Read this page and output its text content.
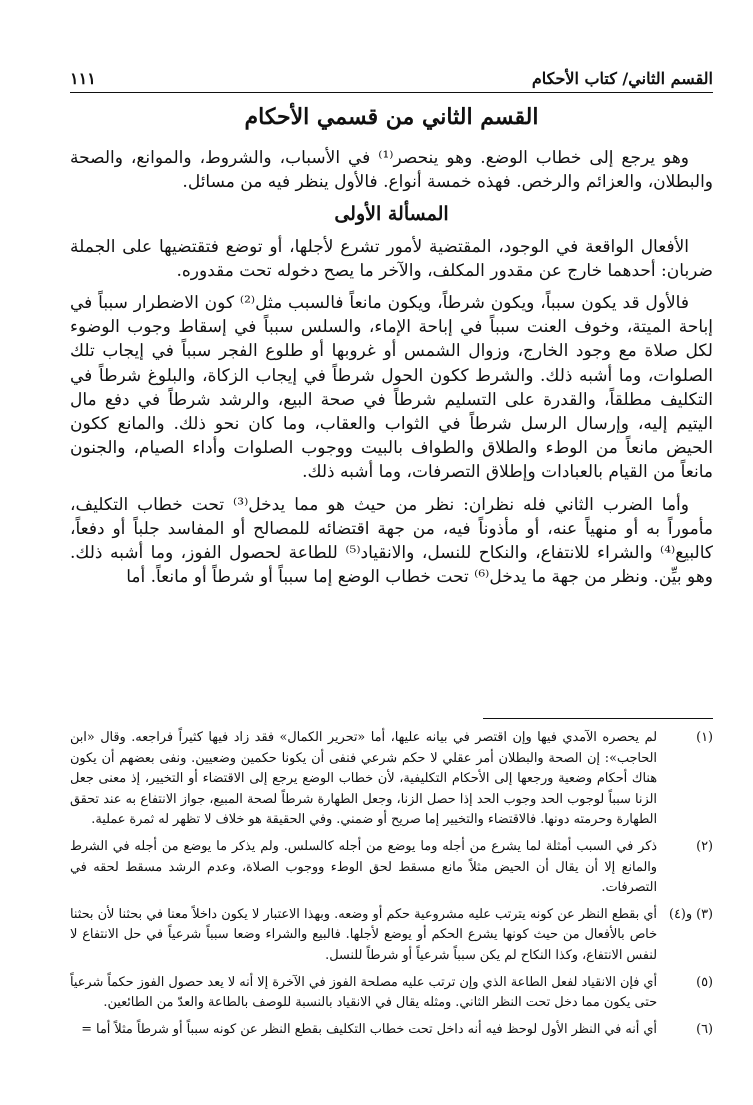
١١١	القسم الثاني/ كتاب الأحكام
القسم الثاني من قسمي الأحكام

وهو يرجع إلى خطاب الوضع. وهو ينحصر⁽¹⁾ في الأسباب، والشروط، والموانع، والصحة والبطلان، والعزائم والرخص. فهذه خمسة أنواع. فالأول ينظر فيه من مسائل.

المسألة الأولى

الأفعال الواقعة في الوجود، المقتضية لأمور تشرع لأجلها، أو توضع فتقتضيها على الجملة ضربان: أحدهما خارج عن مقدور المكلف، والآخر ما يصح دخوله تحت مقدوره.

فالأول قد يكون سبباً، ويكون شرطاً، ويكون مانعاً فالسبب مثل⁽²⁾ كون الاضطرار سبباً في إباحة الميتة، وخوف العنت سبباً في إباحة الإماء، والسلس سبباً في إسقاط وجوب الوضوء لكل صلاة مع وجود الخارج، وزوال الشمس أو غروبها أو طلوع الفجر سبباً في إيجاب تلك الصلوات، وما أشبه ذلك. والشرط ككون الحول شرطاً في إيجاب الزكاة، والبلوغ شرطاً في التكليف مطلقاً، والقدرة على التسليم شرطاً في صحة البيع، والرشد شرطاً في دفع مال اليتيم إليه، وإرسال الرسل شرطاً في الثواب والعقاب، وما كان نحو ذلك. والمانع ككون الحيض مانعاً من الوطء والطلاق والطواف بالبيت ووجوب الصلوات وأداء الصيام، والجنون مانعاً من القيام بالعبادات وإطلاق التصرفات، وما أشبه ذلك.

وأما الضرب الثاني فله نظران: نظر من حيث هو مما يدخل⁽³⁾ تحت خطاب التكليف، مأموراً به أو منهياً عنه، أو مأذوناً فيه، من جهة اقتضائه للمصالح أو المفاسد جلباً أو دفعاً، كالبيع⁽⁴⁾ والشراء للانتفاع، والنكاح للنسل، والانقياد⁽⁵⁾ للطاعة لحصول الفوز، وما أشبه ذلك. وهو بيِّن. ونظر من جهة ما يدخل⁽⁶⁾ تحت خطاب الوضع إما سبباً أو شرطاً أو مانعاً. أما

(١)
لم يحصره الآمدي فيها وإن اقتصر في بيانه عليها، أما «تحرير الكمال» فقد زاد فيها كثيراً فراجعه. وقال «ابن الحاجب»: إن الصحة والبطلان أمر عقلي لا حكم شرعي فنفى أن يكونا حكمين وضعيين. ونفى بعضهم أن يكون هناك أحكام وضعية ورجعها إلى الأحكام التكليفية، لأن خطاب الوضع يرجع إلى الاقتضاء أو التخيير، إذ معنى جعل الزنا سبباً لوجوب الحد وجوب الحد إذا حصل الزنا، وجعل الطهارة شرطاً لصحة المبيع، جواز الانتفاع به عند تحقق الطهارة وحرمته دونها. فالاقتضاء والتخيير إما صريح أو ضمني. وفي الحقيقة هو خلاف لا تظهر له ثمرة عملية.
(٢)
ذكر في السبب أمثلة لما يشرع من أجله وما يوضع من أجله كالسلس. ولم يذكر ما يوضع من أجله في الشرط والمانع إلا أن يقال أن الحيض مثلاً مانع مسقط لحق الوطء ووجوب الصلاة، وعدم الرشد مسقط لحقه في التصرفات.
(٣) و(٤)
أي بقطع النظر عن كونه يترتب عليه مشروعية حكم أو وضعه. وبهذا الاعتبار لا يكون داخلاً معنا في بحثنا لأن بحثنا خاص بالأفعال من حيث كونها يشرع الحكم أو يوضع لأجلها. فالبيع والشراء وضعا سبباً شرعياً في حل الانتفاع لا لنفس الانتفاع، وكذا النكاح لم يكن سبباً شرعياً أو شرطاً للنسل.
(٥)
أي فإن الانقياد لفعل الطاعة الذي وإن ترتب عليه مصلحة الفوز في الآخرة إلا أنه لا يعد حصول الفوز حكماً شرعياً حتى يكون مما دخل تحت النظر الثاني. ومثله يقال في الانقياد بالنسبة للوصف بالطاعة والعدّ من الطائعين.
(٦)
أي أنه في النظر الأول لوحظ فيه أنه داخل تحت خطاب التكليف بقطع النظر عن كونه سبباً أو شرطاً مثلاً أما =
